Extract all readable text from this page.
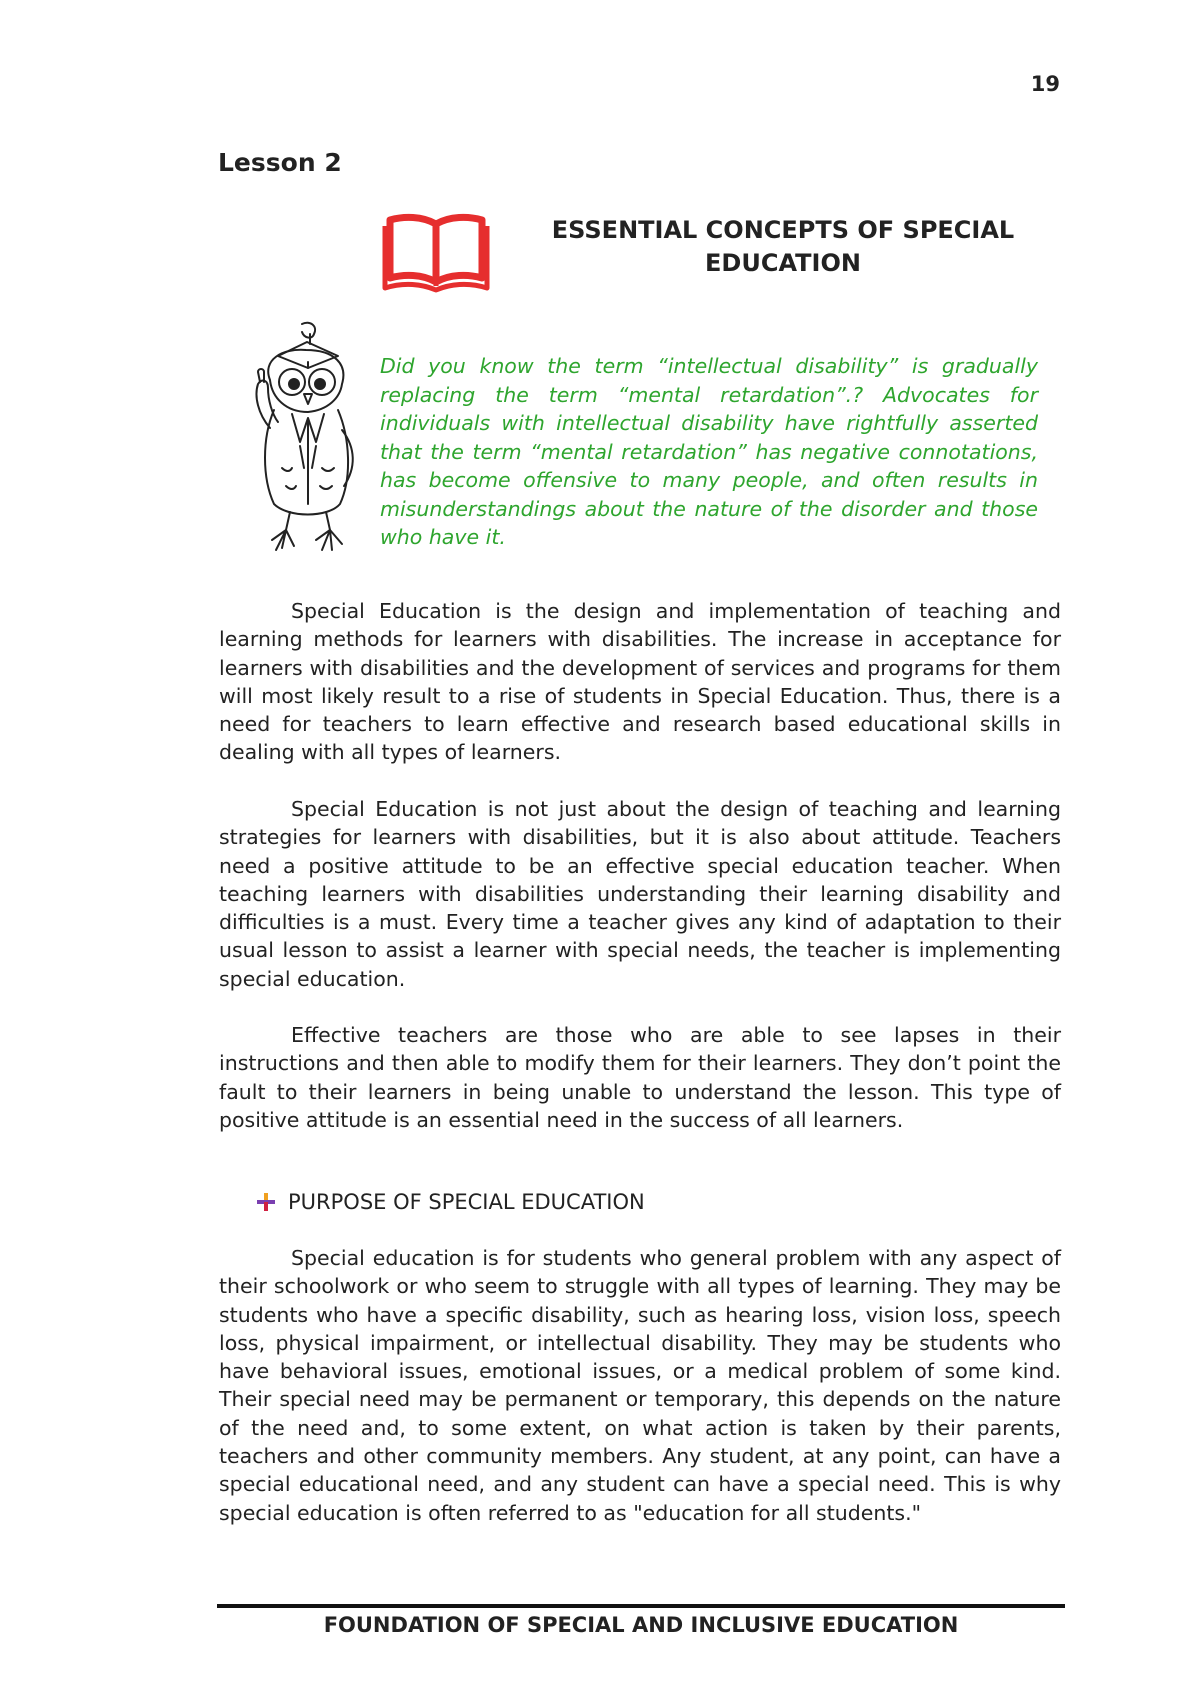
19
Lesson 2
ESSENTIAL CONCEPTS OF SPECIAL
EDUCATION

Did you know the term “intellectual disability” is gradually replacing the term “mental retardation”.? Advocates for individuals with intellectual disability have rightfully asserted that the term “mental retardation” has negative connotations, has become offensive to many people, and often results in misunderstandings about the nature of the disorder and those who have it.

Special Education is the design and implementation of teaching and learning methods for learners with disabilities. The increase in acceptance for learners with disabilities and the development of services and programs for them will most likely result to a rise of students in Special Education. Thus, there is a need for teachers to learn effective and research based educational skills in dealing with all types of learners.

Special Education is not just about the design of teaching and learning strategies for learners with disabilities, but it is also about attitude. Teachers need a positive attitude to be an effective special education teacher. When teaching learners with disabilities understanding their learning disability and difficulties is a must. Every time a teacher gives any kind of adaptation to their usual lesson to assist a learner with special needs, the teacher is implementing special education.

Effective teachers are those who are able to see lapses in their instructions and then able to modify them for their learners. They don’t point the fault to their learners in being unable to understand the lesson. This type of positive attitude is an essential need in the success of all learners.

PURPOSE OF SPECIAL EDUCATION

Special education is for students who general problem with any aspect of their schoolwork or who seem to struggle with all types of learning. They may be students who have a specific disability, such as hearing loss, vision loss, speech loss, physical impairment, or intellectual disability. They may be students who have behavioral issues, emotional issues, or a medical problem of some kind. Their special need may be permanent or temporary, this depends on the nature of the need and, to some extent, on what action is taken by their parents, teachers and other community members. Any student, at any point, can have a special educational need, and any student can have a special need. This is why special education is often referred to as "education for all students."

FOUNDATION OF SPECIAL AND INCLUSIVE EDUCATION
